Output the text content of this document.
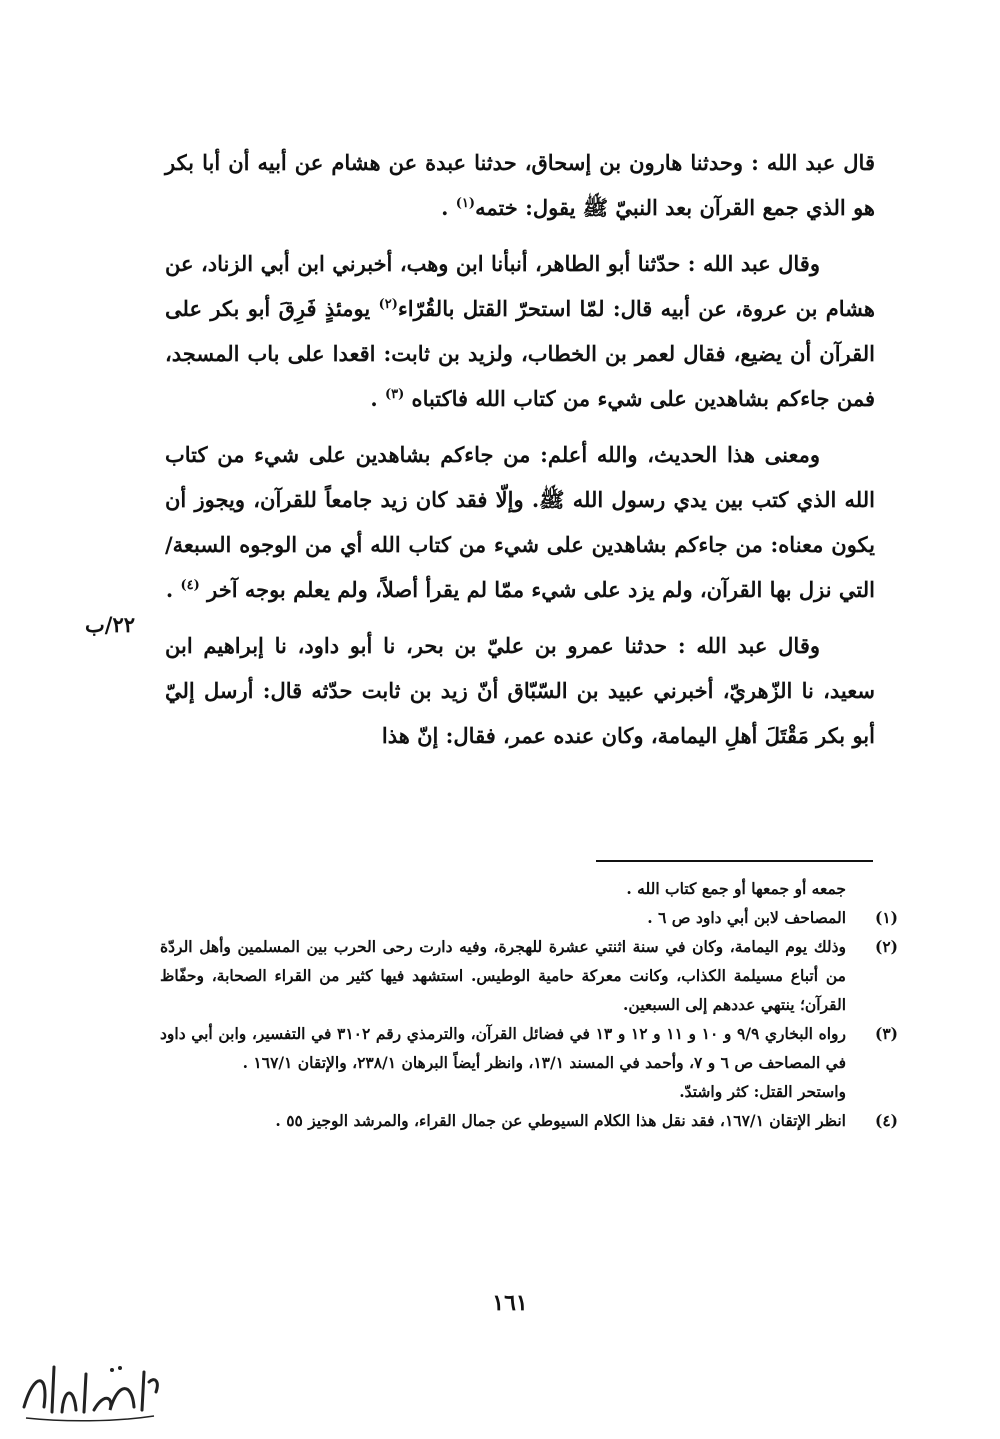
قال عبد الله : وحدثنا هارون بن إسحاق، حدثنا عبدة عن هشام عن أبيه أن أبا بكر هو الذي جمع القرآن بعد النبيّ ﷺ يقول: ختمه$^{(١)}$ .

وقال عبد الله : حدّثنا أبو الطاهر، أنبأنا ابن وهب، أخبرني ابن أبي الزناد، عن هشام بن عروة، عن أبيه قال: لمّا استحرّ القتل بالقُرّاء$^{(٢)}$ يومئذٍ فَرِقَ أبو بكر على القرآن أن يضيع، فقال لعمر بن الخطاب، ولزيد بن ثابت: اقعدا على باب المسجد، فمن جاءكم بشاهدين على شيء من كتاب الله فاكتباه $^{(٣)}$ .

ومعنى هذا الحديث، والله أعلم: من جاءكم بشاهدين على شيء من كتاب الله الذي كتب بين يدي رسول الله ﷺ. وإلّا فقد كان زيد جامعاً للقرآن، ويجوز أن يكون معناه: من جاءكم بشاهدين على شيء من كتاب الله أي من الوجوه السبعة/ التي نزل بها القرآن، ولم يزد على شيء ممّا لم يقرأ أصلاً، ولم يعلم بوجه آخر $^{(٤)}$ .

وقال عبد الله : حدثنا عمرو بن عليّ بن بحر، نا أبو داود، نا إبراهيم ابن سعيد، نا الزّهريّ، أخبرني عبيد بن السّبّاق أنّ زيد بن ثابت حدّثه قال: أرسل إليّ أبو بكر مَقْتَلَ أهلِ اليمامة، وكان عنده عمر، فقال: إنّ هذا

٢٢/ب

جمعه أو جمعها أو جمع كتاب الله .

(١)المصاحف لابن أبي داود ص ٦ .

(٢)وذلك يوم اليمامة، وكان في سنة اثنتي عشرة للهجرة، وفيه دارت رحى الحرب بين المسلمين وأهل الردّة من أتباع مسيلمة الكذاب، وكانت معركة حامية الوطيس. استشهد فيها كثير من القراء الصحابة، وحفّاظ القرآن؛ ينتهي عددهم إلى السبعين.

(٣)رواه البخاري ٩/٩ و ١٠ و ١١ و ١٢ و ١٣ في فضائل القرآن، والترمذي رقم ٣١٠٢ في التفسير، وابن أبي داود في المصاحف ص ٦ و ٧، وأحمد في المسند ١٣/١، وانظر أيضاً البرهان ٢٣٨/١، والإتقان ١٦٧/١ .

واستحر القتل: كثر واشتدّ.

(٤)انظر الإتقان ١٦٧/١، فقد نقل هذا الكلام السيوطي عن جمال القراء، والمرشد الوجيز ٥٥ .

١٦١
